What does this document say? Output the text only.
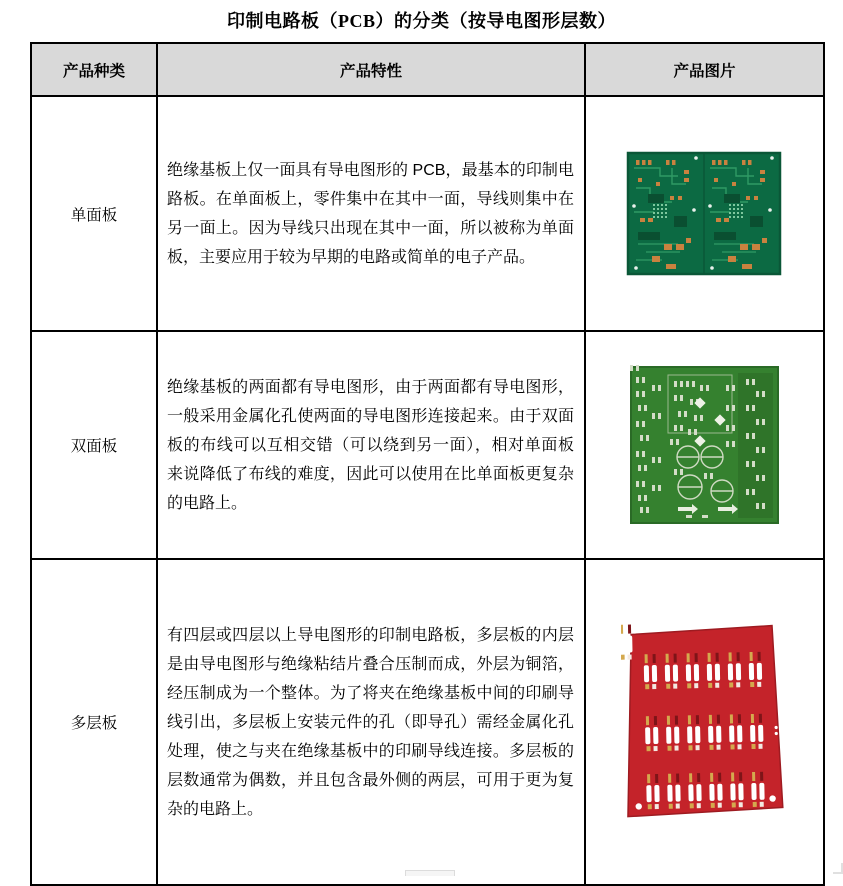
印制电路板（PCB）的分类（按导电图形层数）
产品种类	产品特性	产品图片
单面板	绝缘基板上仅一面具有导电图形的 PCB，最基本的印制电路板。在单面板上，零件集中在其中一面，导线则集中在另一面上。因为导线只出现在其中一面，所以被称为单面板，主要应用于较为早期的电路或简单的电子产品。	
双面板	绝缘基板的两面都有导电图形，由于两面都有导电图形，一般采用金属化孔使两面的导电图形连接起来。由于双面板的布线可以互相交错（可以绕到另一面），相对单面板来说降低了布线的难度，因此可以使用在比单面板更复杂的电路上。	
多层板	有四层或四层以上导电图形的印制电路板，多层板的内层是由导电图形与绝缘粘结片叠合压制而成，外层为铜箔，经压制成为一个整体。为了将夹在绝缘基板中间的印刷导线引出，多层板上安装元件的孔（即导孔）需经金属化孔处理，使之与夹在绝缘基板中的印刷导线连接。多层板的层数通常为偶数，并且包含最外侧的两层，可用于更为复杂的电路上。	
